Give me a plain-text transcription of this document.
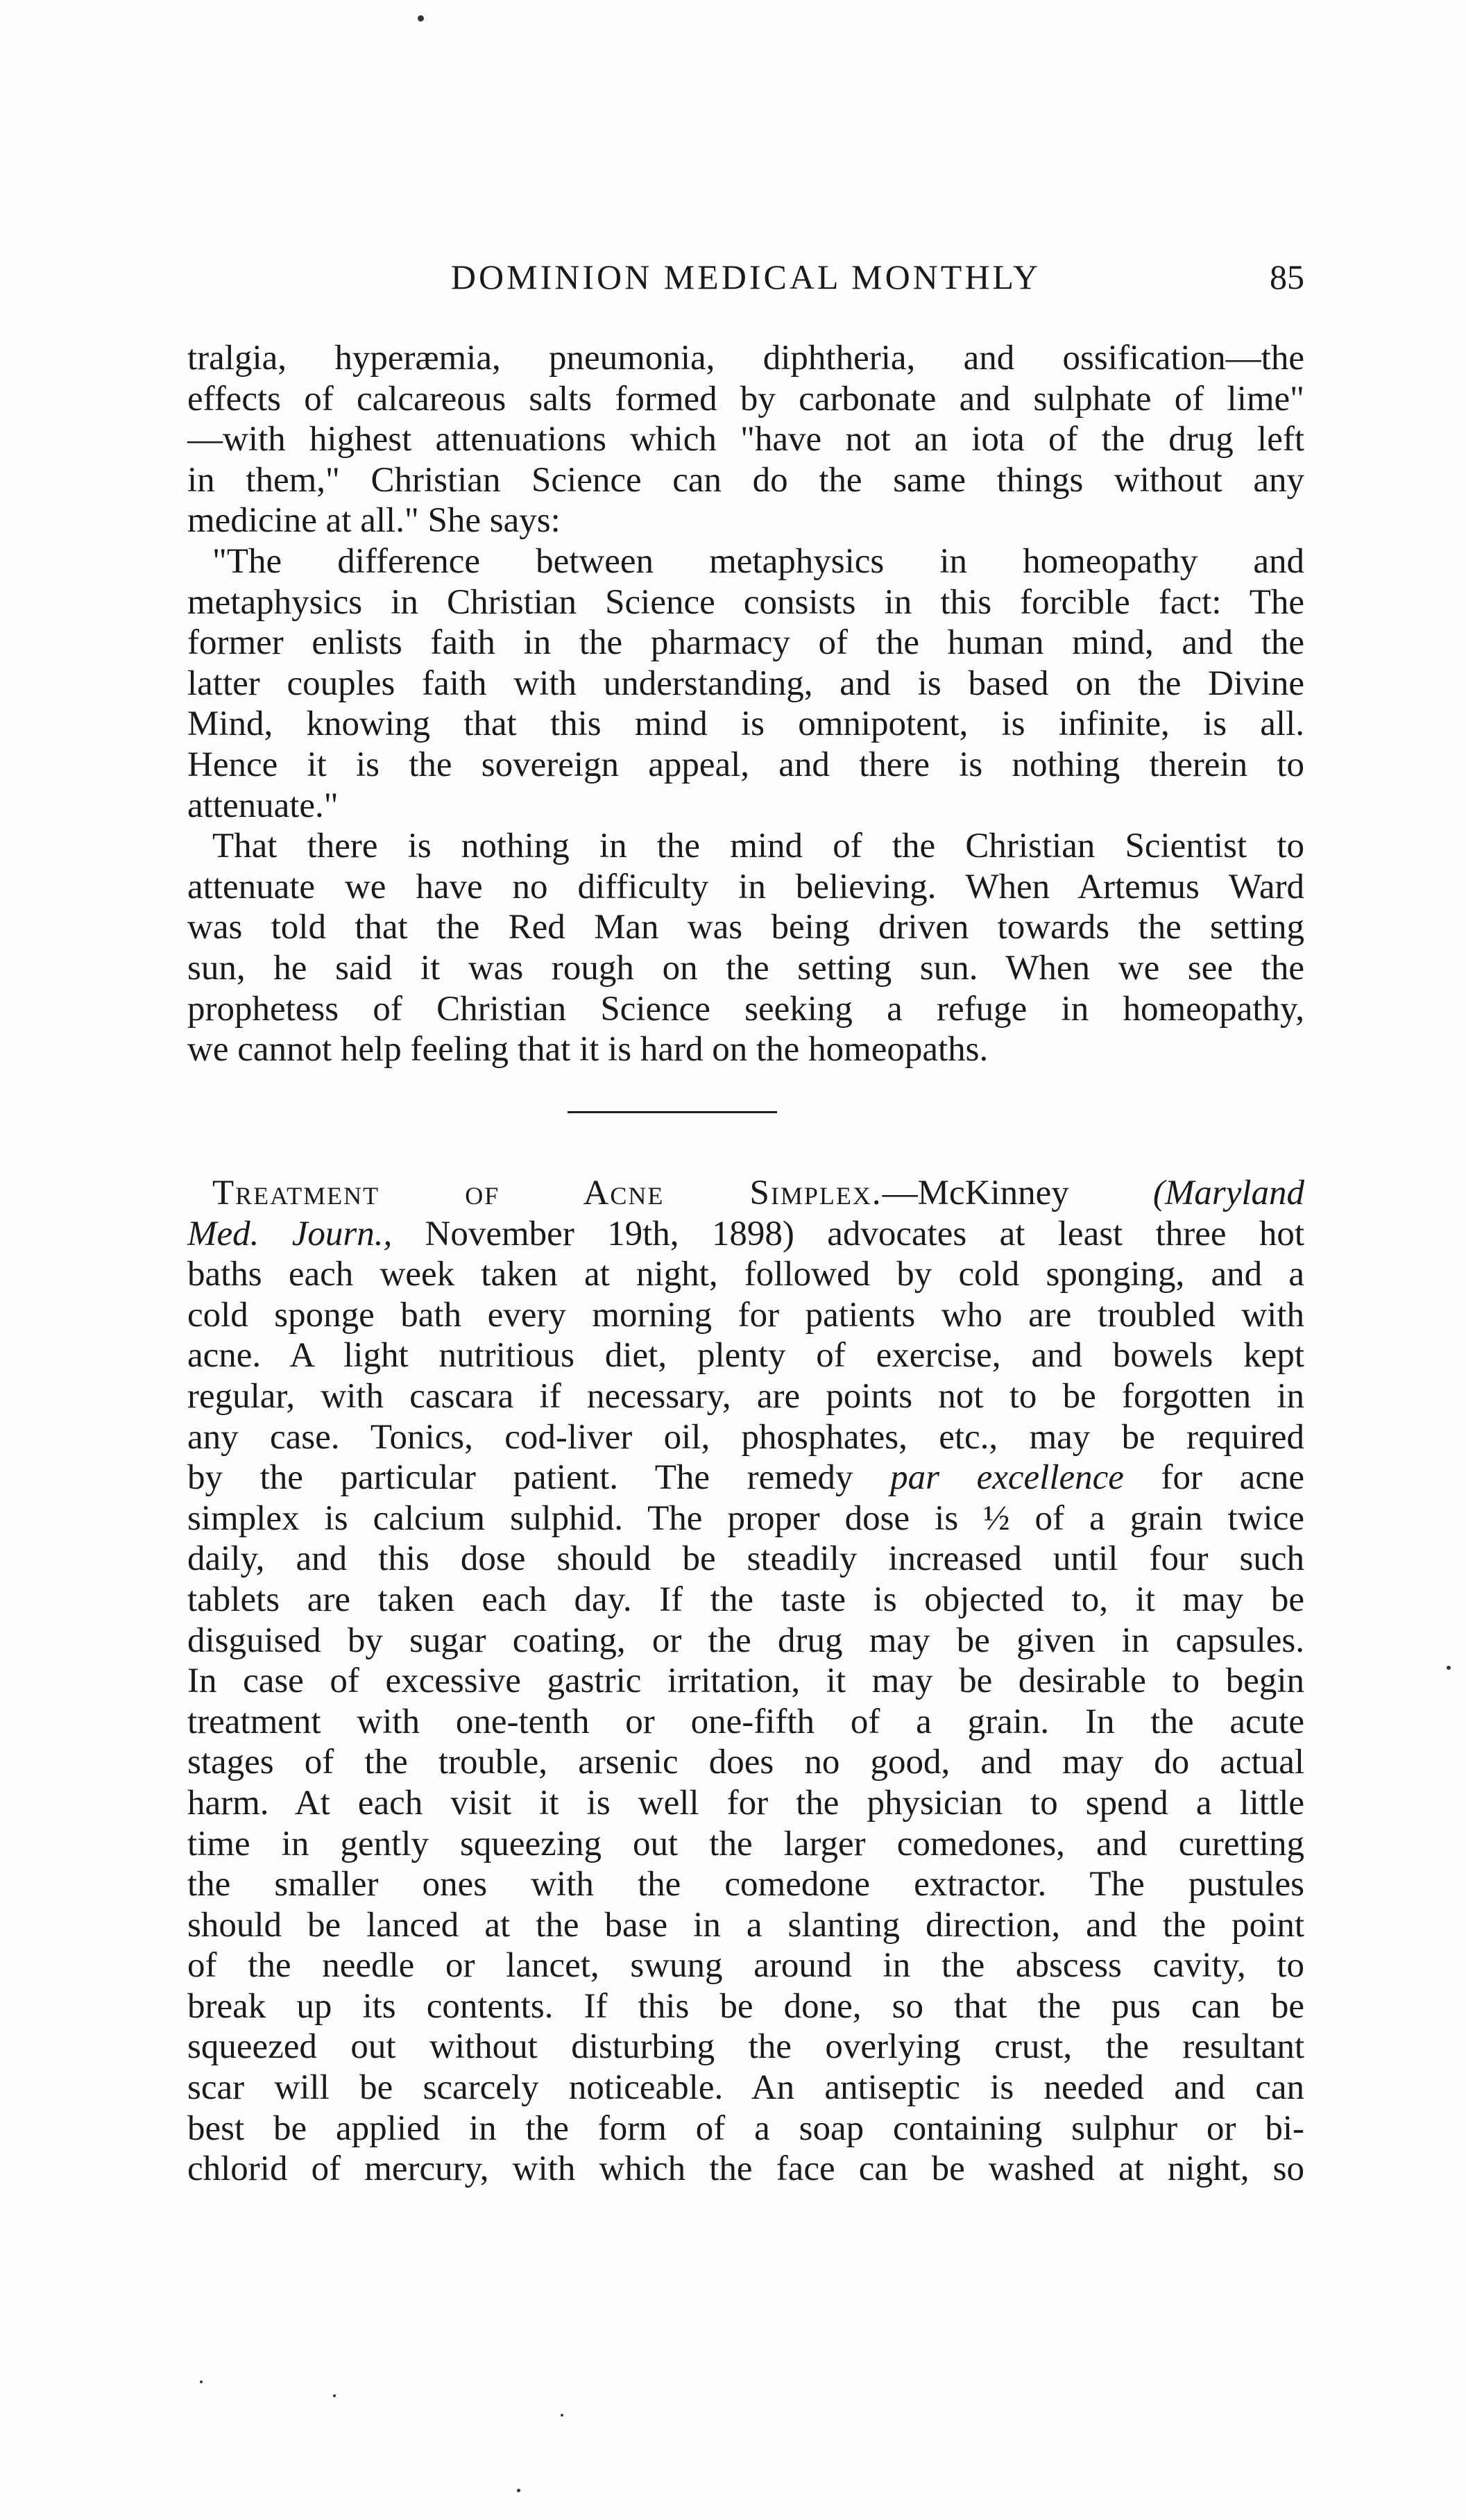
DOMINION MEDICAL MONTHLY	85
tralgia, hyperæmia, pneumonia, diphtheria, and ossification—the
effects of calcareous salts formed by carbonate and sulphate of lime"
—with highest attenuations which "have not an iota of the drug left
in them," Christian Science can do the same things without any
medicine at all." She says:
"The difference between metaphysics in homeopathy and
metaphysics in Christian Science consists in this forcible fact: The
former enlists faith in the pharmacy of the human mind, and the
latter couples faith with understanding, and is based on the Divine
Mind, knowing that this mind is omnipotent, is infinite, is all.
Hence it is the sovereign appeal, and there is nothing therein to
attenuate."
That there is nothing in the mind of the Christian Scientist to
attenuate we have no difficulty in believing. When Artemus Ward
was told that the Red Man was being driven towards the setting
sun, he said it was rough on the setting sun. When we see the
prophetess of Christian Science seeking a refuge in homeopathy,
we cannot help feeling that it is hard on the homeopaths.
Treatment of Acne Simplex.—McKinney (Maryland
Med. Journ., November 19th, 1898) advocates at least three hot
baths each week taken at night, followed by cold sponging, and a
cold sponge bath every morning for patients who are troubled with
acne. A light nutritious diet, plenty of exercise, and bowels kept
regular, with cascara if necessary, are points not to be forgotten in
any case. Tonics, cod-liver oil, phosphates, etc., may be required
by the particular patient. The remedy par excellence for acne
simplex is calcium sulphid. The proper dose is ½ of a grain twice
daily, and this dose should be steadily increased until four such
tablets are taken each day. If the taste is objected to, it may be
disguised by sugar coating, or the drug may be given in capsules.
In case of excessive gastric irritation, it may be desirable to begin
treatment with one-tenth or one-fifth of a grain. In the acute
stages of the trouble, arsenic does no good, and may do actual
harm. At each visit it is well for the physician to spend a little
time in gently squeezing out the larger comedones, and curetting
the smaller ones with the comedone extractor. The pustules
should be lanced at the base in a slanting direction, and the point
of the needle or lancet, swung around in the abscess cavity, to
break up its contents. If this be done, so that the pus can be
squeezed out without disturbing the overlying crust, the resultant
scar will be scarcely noticeable. An antiseptic is needed and can
best be applied in the form of a soap containing sulphur or bi-
chlorid of mercury, with which the face can be washed at night, so
